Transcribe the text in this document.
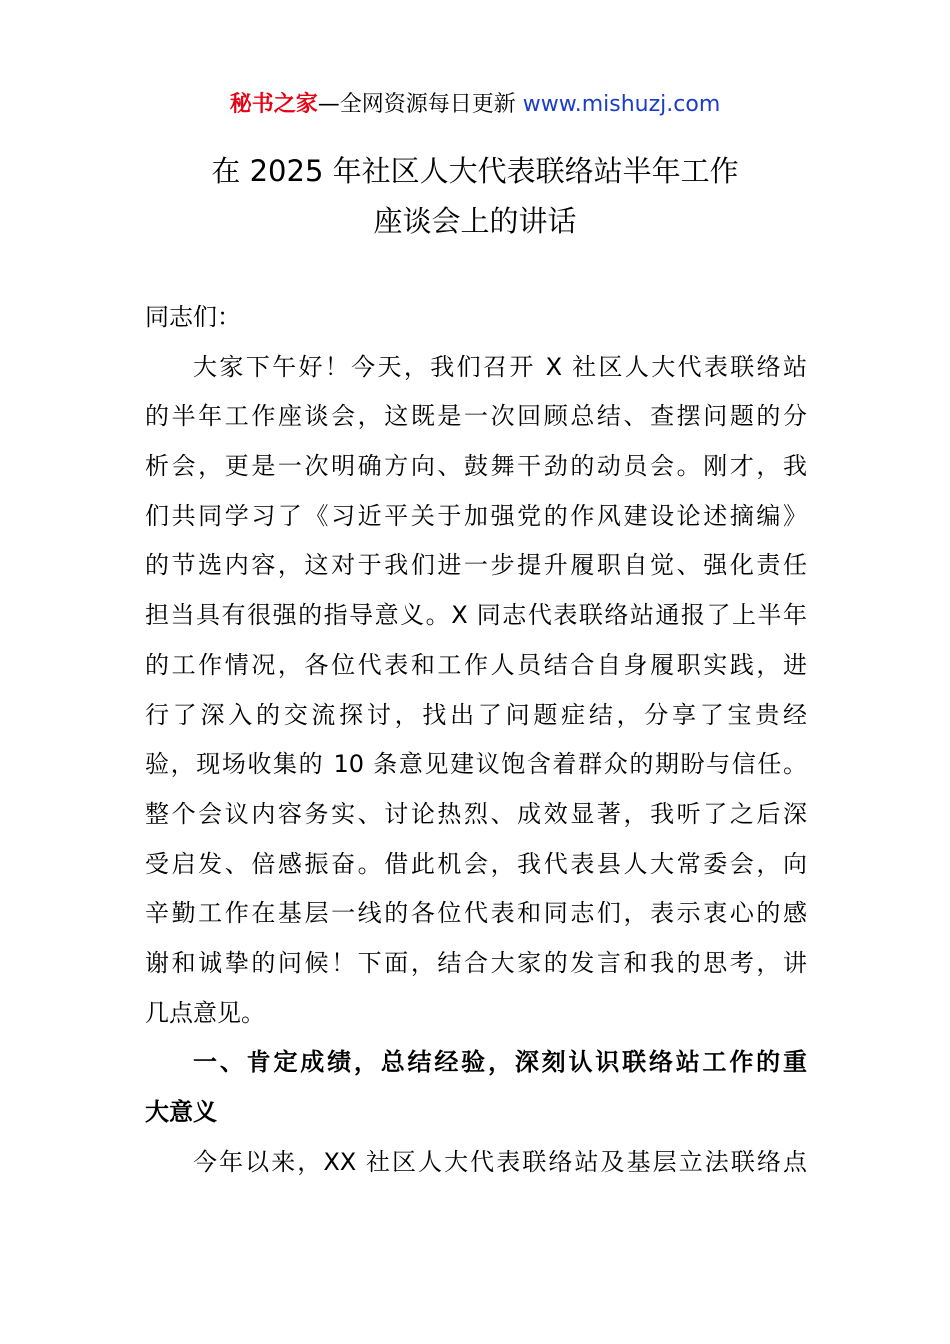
秘书之家—全网资源每日更新 www.mishuzj.com
在 2025 年社区人大代表联络站半年工作
座谈会上的讲话
同志们：
大家下午好！今天，我们召开 X 社区人大代表联络站
的半年工作座谈会，这既是一次回顾总结、查摆问题的分
析会，更是一次明确方向、鼓舞干劲的动员会。刚才，我
们共同学习了《习近平关于加强党的作风建设论述摘编》
的节选内容，这对于我们进一步提升履职自觉、强化责任
担当具有很强的指导意义。X 同志代表联络站通报了上半年
的工作情况，各位代表和工作人员结合自身履职实践，进
行了深入的交流探讨，找出了问题症结，分享了宝贵经
验，现场收集的 10 条意见建议饱含着群众的期盼与信任。
整个会议内容务实、讨论热烈、成效显著，我听了之后深
受启发、倍感振奋。借此机会，我代表县人大常委会，向
辛勤工作在基层一线的各位代表和同志们，表示衷心的感
谢和诚挚的问候！下面，结合大家的发言和我的思考，讲
几点意见。
一、肯定成绩，总结经验，深刻认识联络站工作的重
大意义
今年以来，XX 社区人大代表联络站及基层立法联络点
